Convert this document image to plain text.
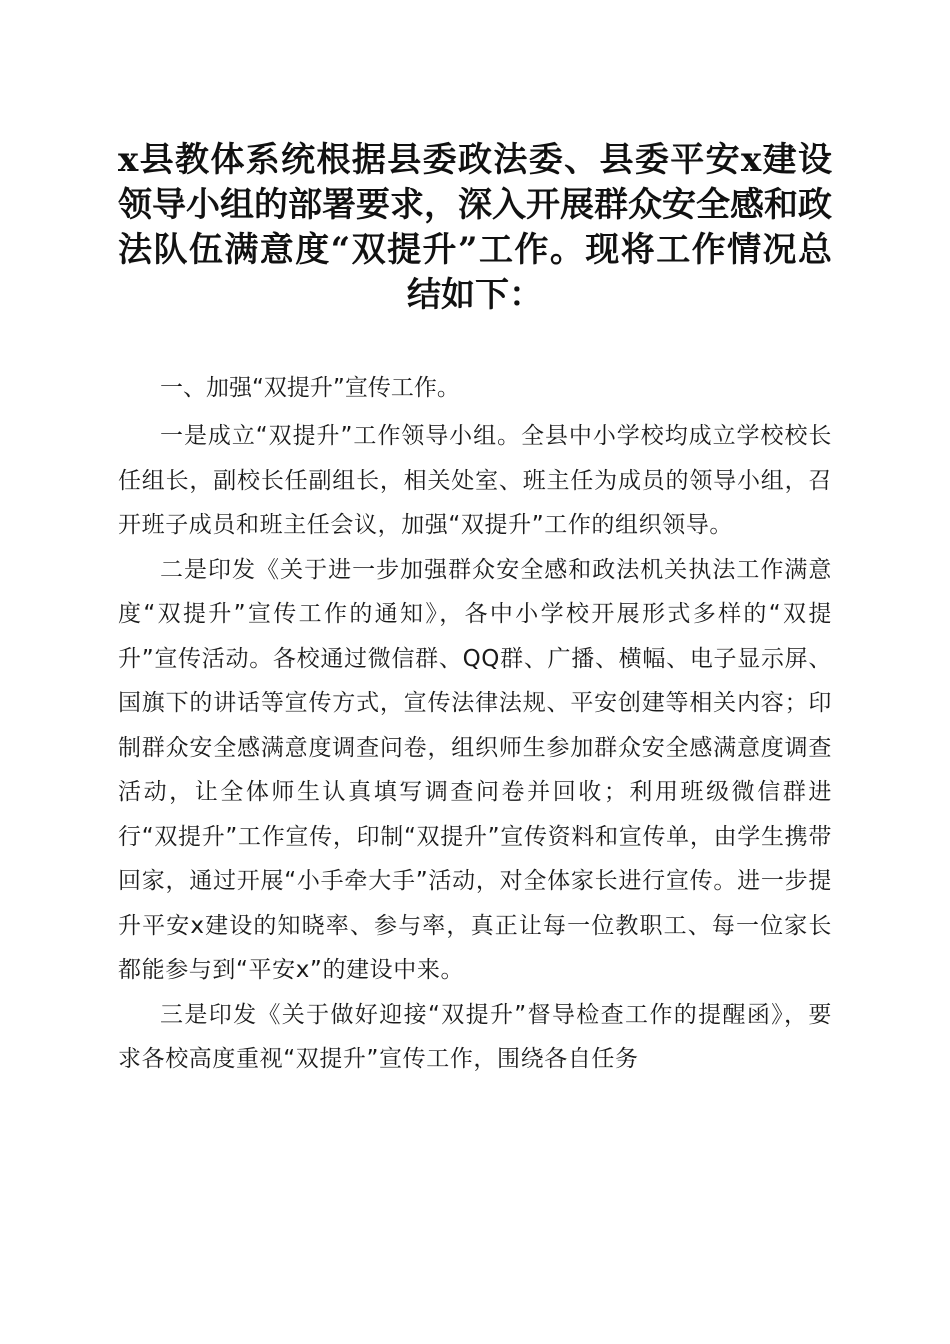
x县教体系统根据县委政法委、县委平安x建设领导小组的部署要求，深入开展群众安全感和政法队伍满意度“双提升”工作。现将工作情况总结如下：
一、加强“双提升”宣传工作。

一是成立“双提升”工作领导小组。全县中小学校均成立学校校长任组长，副校长任副组长，相关处室、班主任为成员的领导小组，召开班子成员和班主任会议，加强“双提升”工作的组织领导。

二是印发《关于进一步加强群众安全感和政法机关执法工作满意度“双提升”宣传工作的通知》，各中小学校开展形式多样的“双提升”宣传活动。各校通过微信群、QQ群、广播、横幅、电子显示屏、国旗下的讲话等宣传方式，宣传法律法规、平安创建等相关内容；印制群众安全感满意度调查问卷，组织师生参加群众安全感满意度调查活动，让全体师生认真填写调查问卷并回收；利用班级微信群进行“双提升”工作宣传，印制“双提升”宣传资料和宣传单，由学生携带回家，通过开展“小手牵大手”活动，对全体家长进行宣传。进一步提升平安x建设的知晓率、参与率，真正让每一位教职工、每一位家长都能参与到“平安x”的建设中来。

三是印发《关于做好迎接“双提升”督导检查工作的提醒函》，要求各校高度重视“双提升”宣传工作，围绕各自任务
